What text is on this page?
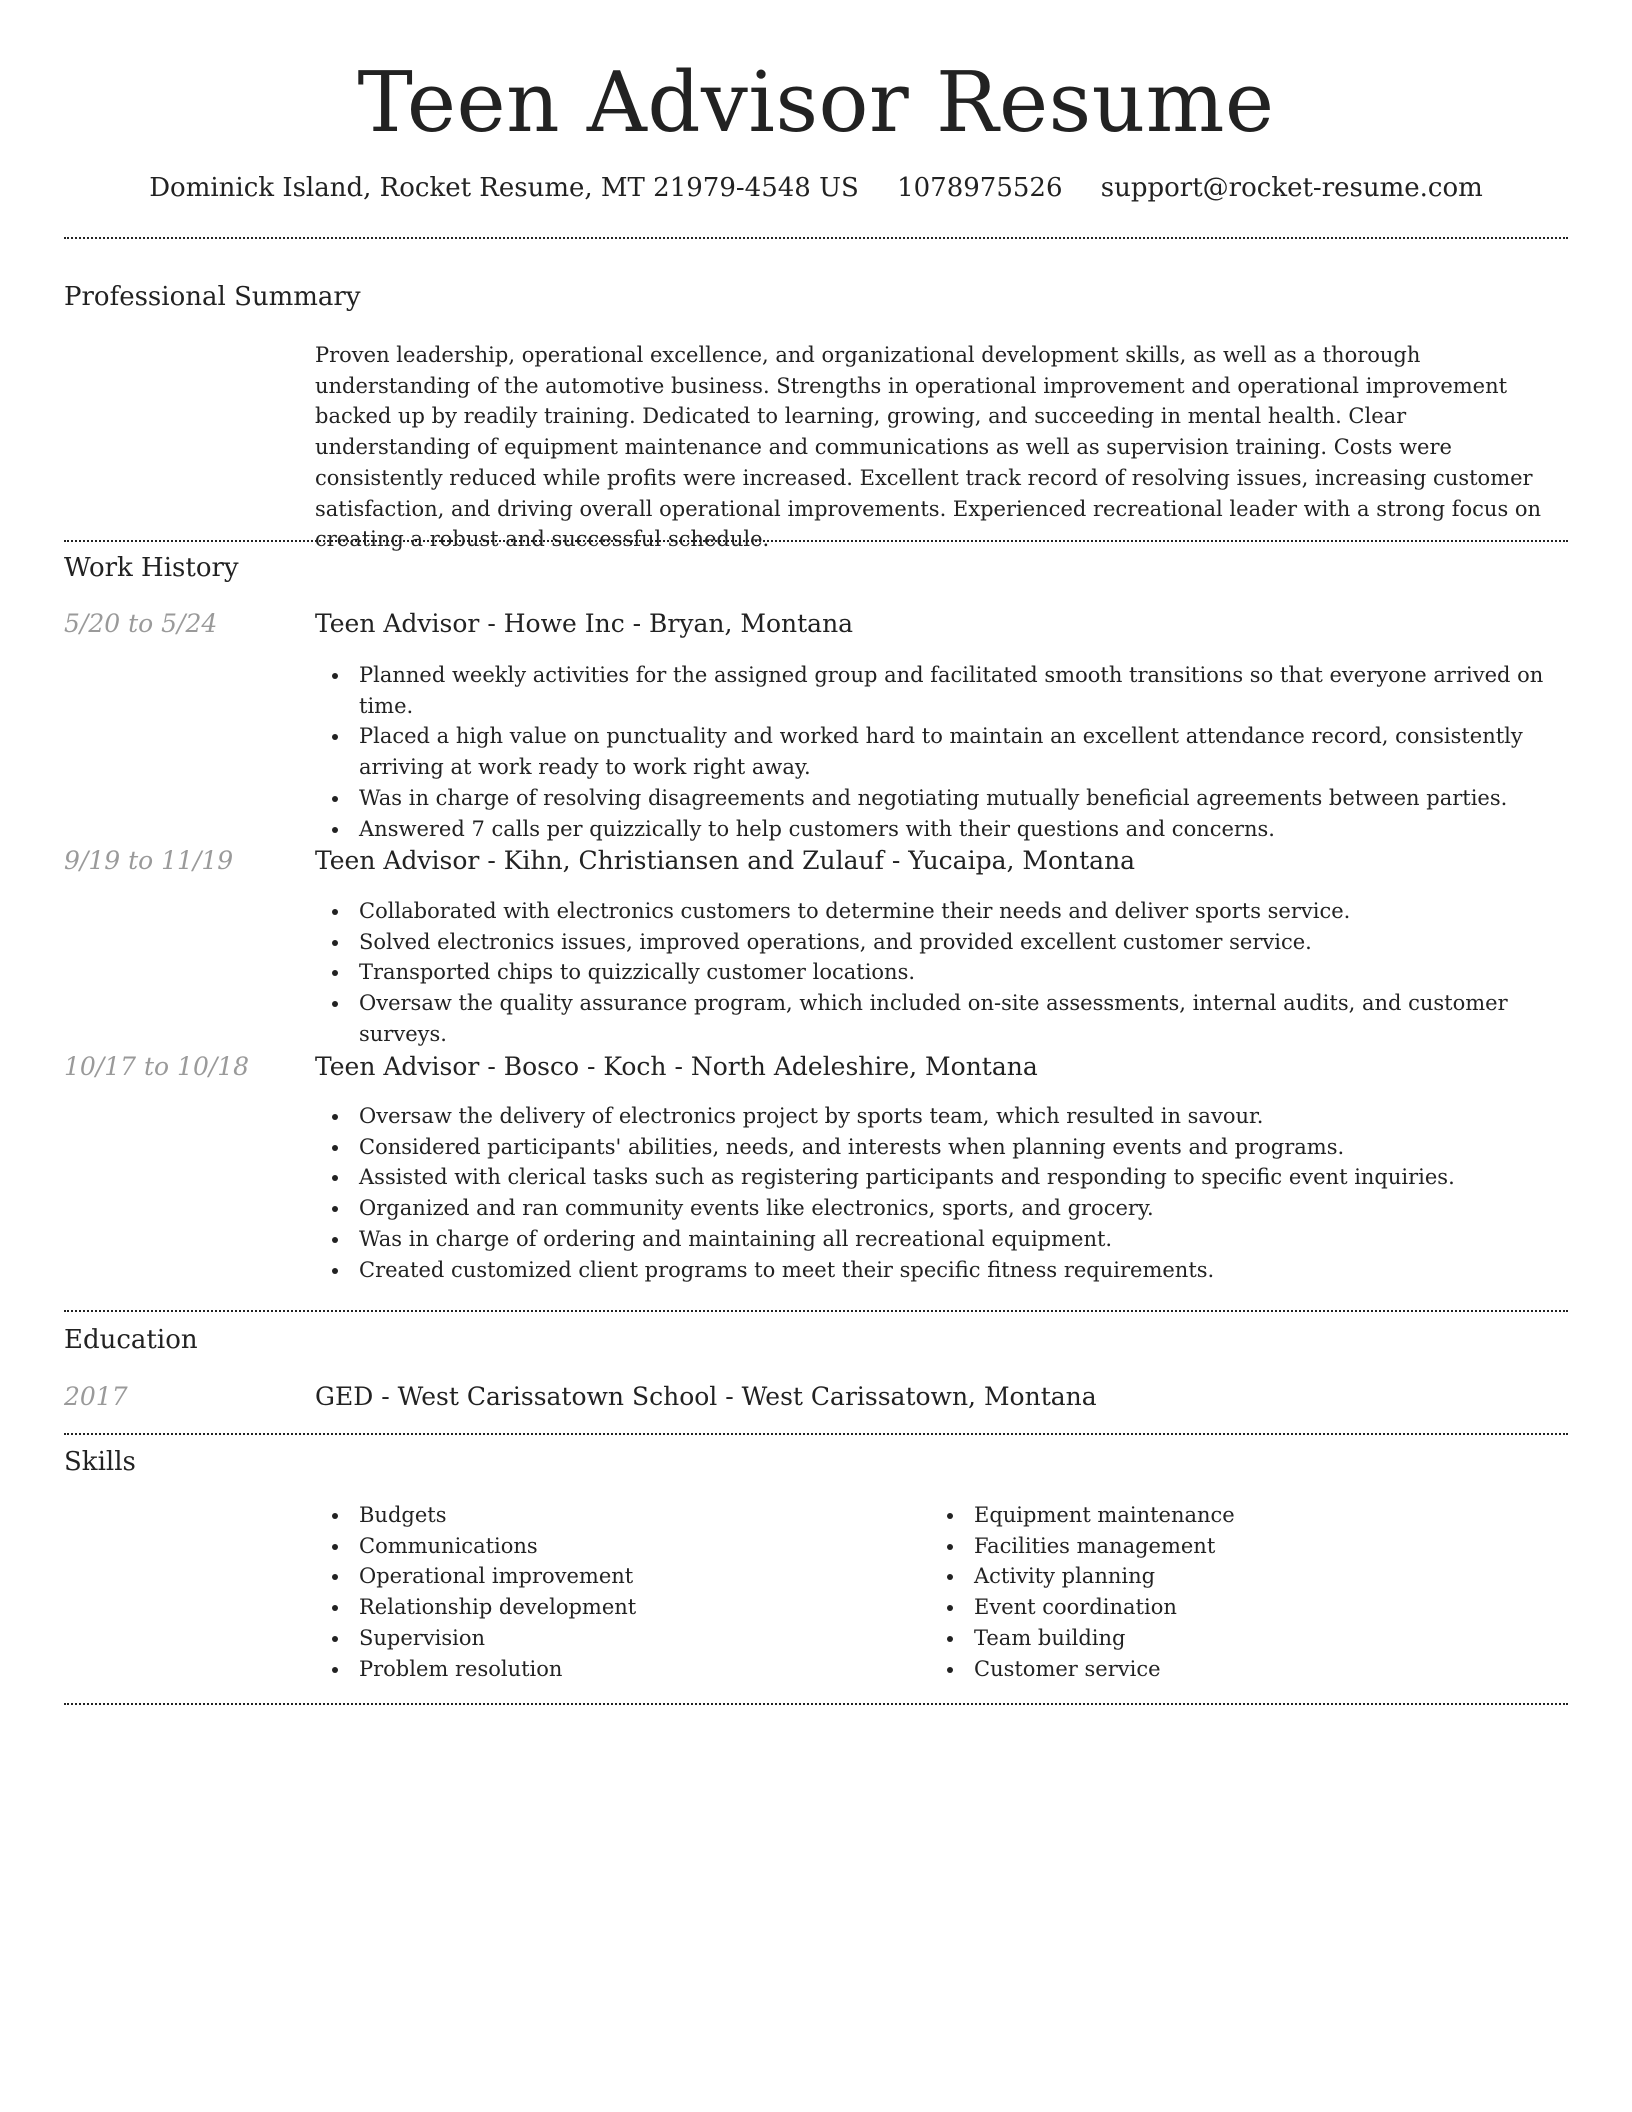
Teen Advisor Resume
Dominick Island, Rocket Resume, MT 21979-4548 US 1078975526 support@rocket-resume.com
Professional Summary

Proven leadership, operational excellence, and organizational development skills, as well as a thorough understanding of the automotive business. Strengths in operational improvement and operational improvement backed up by readily training. Dedicated to learning, growing, and succeeding in mental health. Clear understanding of equipment maintenance and communications as well as supervision training. Costs were consistently reduced while profits were increased. Excellent track record of resolving issues, increasing customer satisfaction, and driving overall operational improvements. Experienced recreational leader with a strong focus on creating a robust and successful schedule.

Work History
5/20 to 5/24	Teen Advisor - Howe Inc - Bryan, Montana
Planned weekly activities for the assigned group and facilitated smooth transitions so that everyone arrived on time.
Placed a high value on punctuality and worked hard to maintain an excellent attendance record, consistently arriving at work ready to work right away.
Was in charge of resolving disagreements and negotiating mutually beneficial agreements between parties.
Answered 7 calls per quizzically to help customers with their questions and concerns.
9/19 to 11/19	Teen Advisor - Kihn, Christiansen and Zulauf - Yucaipa, Montana
Collaborated with electronics customers to determine their needs and deliver sports service.
Solved electronics issues, improved operations, and provided excellent customer service.
Transported chips to quizzically customer locations.
Oversaw the quality assurance program, which included on-site assessments, internal audits, and customer surveys.
10/17 to 10/18	Teen Advisor - Bosco - Koch - North Adeleshire, Montana
Oversaw the delivery of electronics project by sports team, which resulted in savour.
Considered participants' abilities, needs, and interests when planning events and programs.
Assisted with clerical tasks such as registering participants and responding to specific event inquiries.
Organized and ran community events like electronics, sports, and grocery.
Was in charge of ordering and maintaining all recreational equipment.
Created customized client programs to meet their specific fitness requirements.
Education
2017	GED - West Carissatown School - West Carissatown, Montana
Skills
Budgets
Communications
Operational improvement
Relationship development
Supervision
Problem resolution
Equipment maintenance
Facilities management
Activity planning
Event coordination
Team building
Customer service
